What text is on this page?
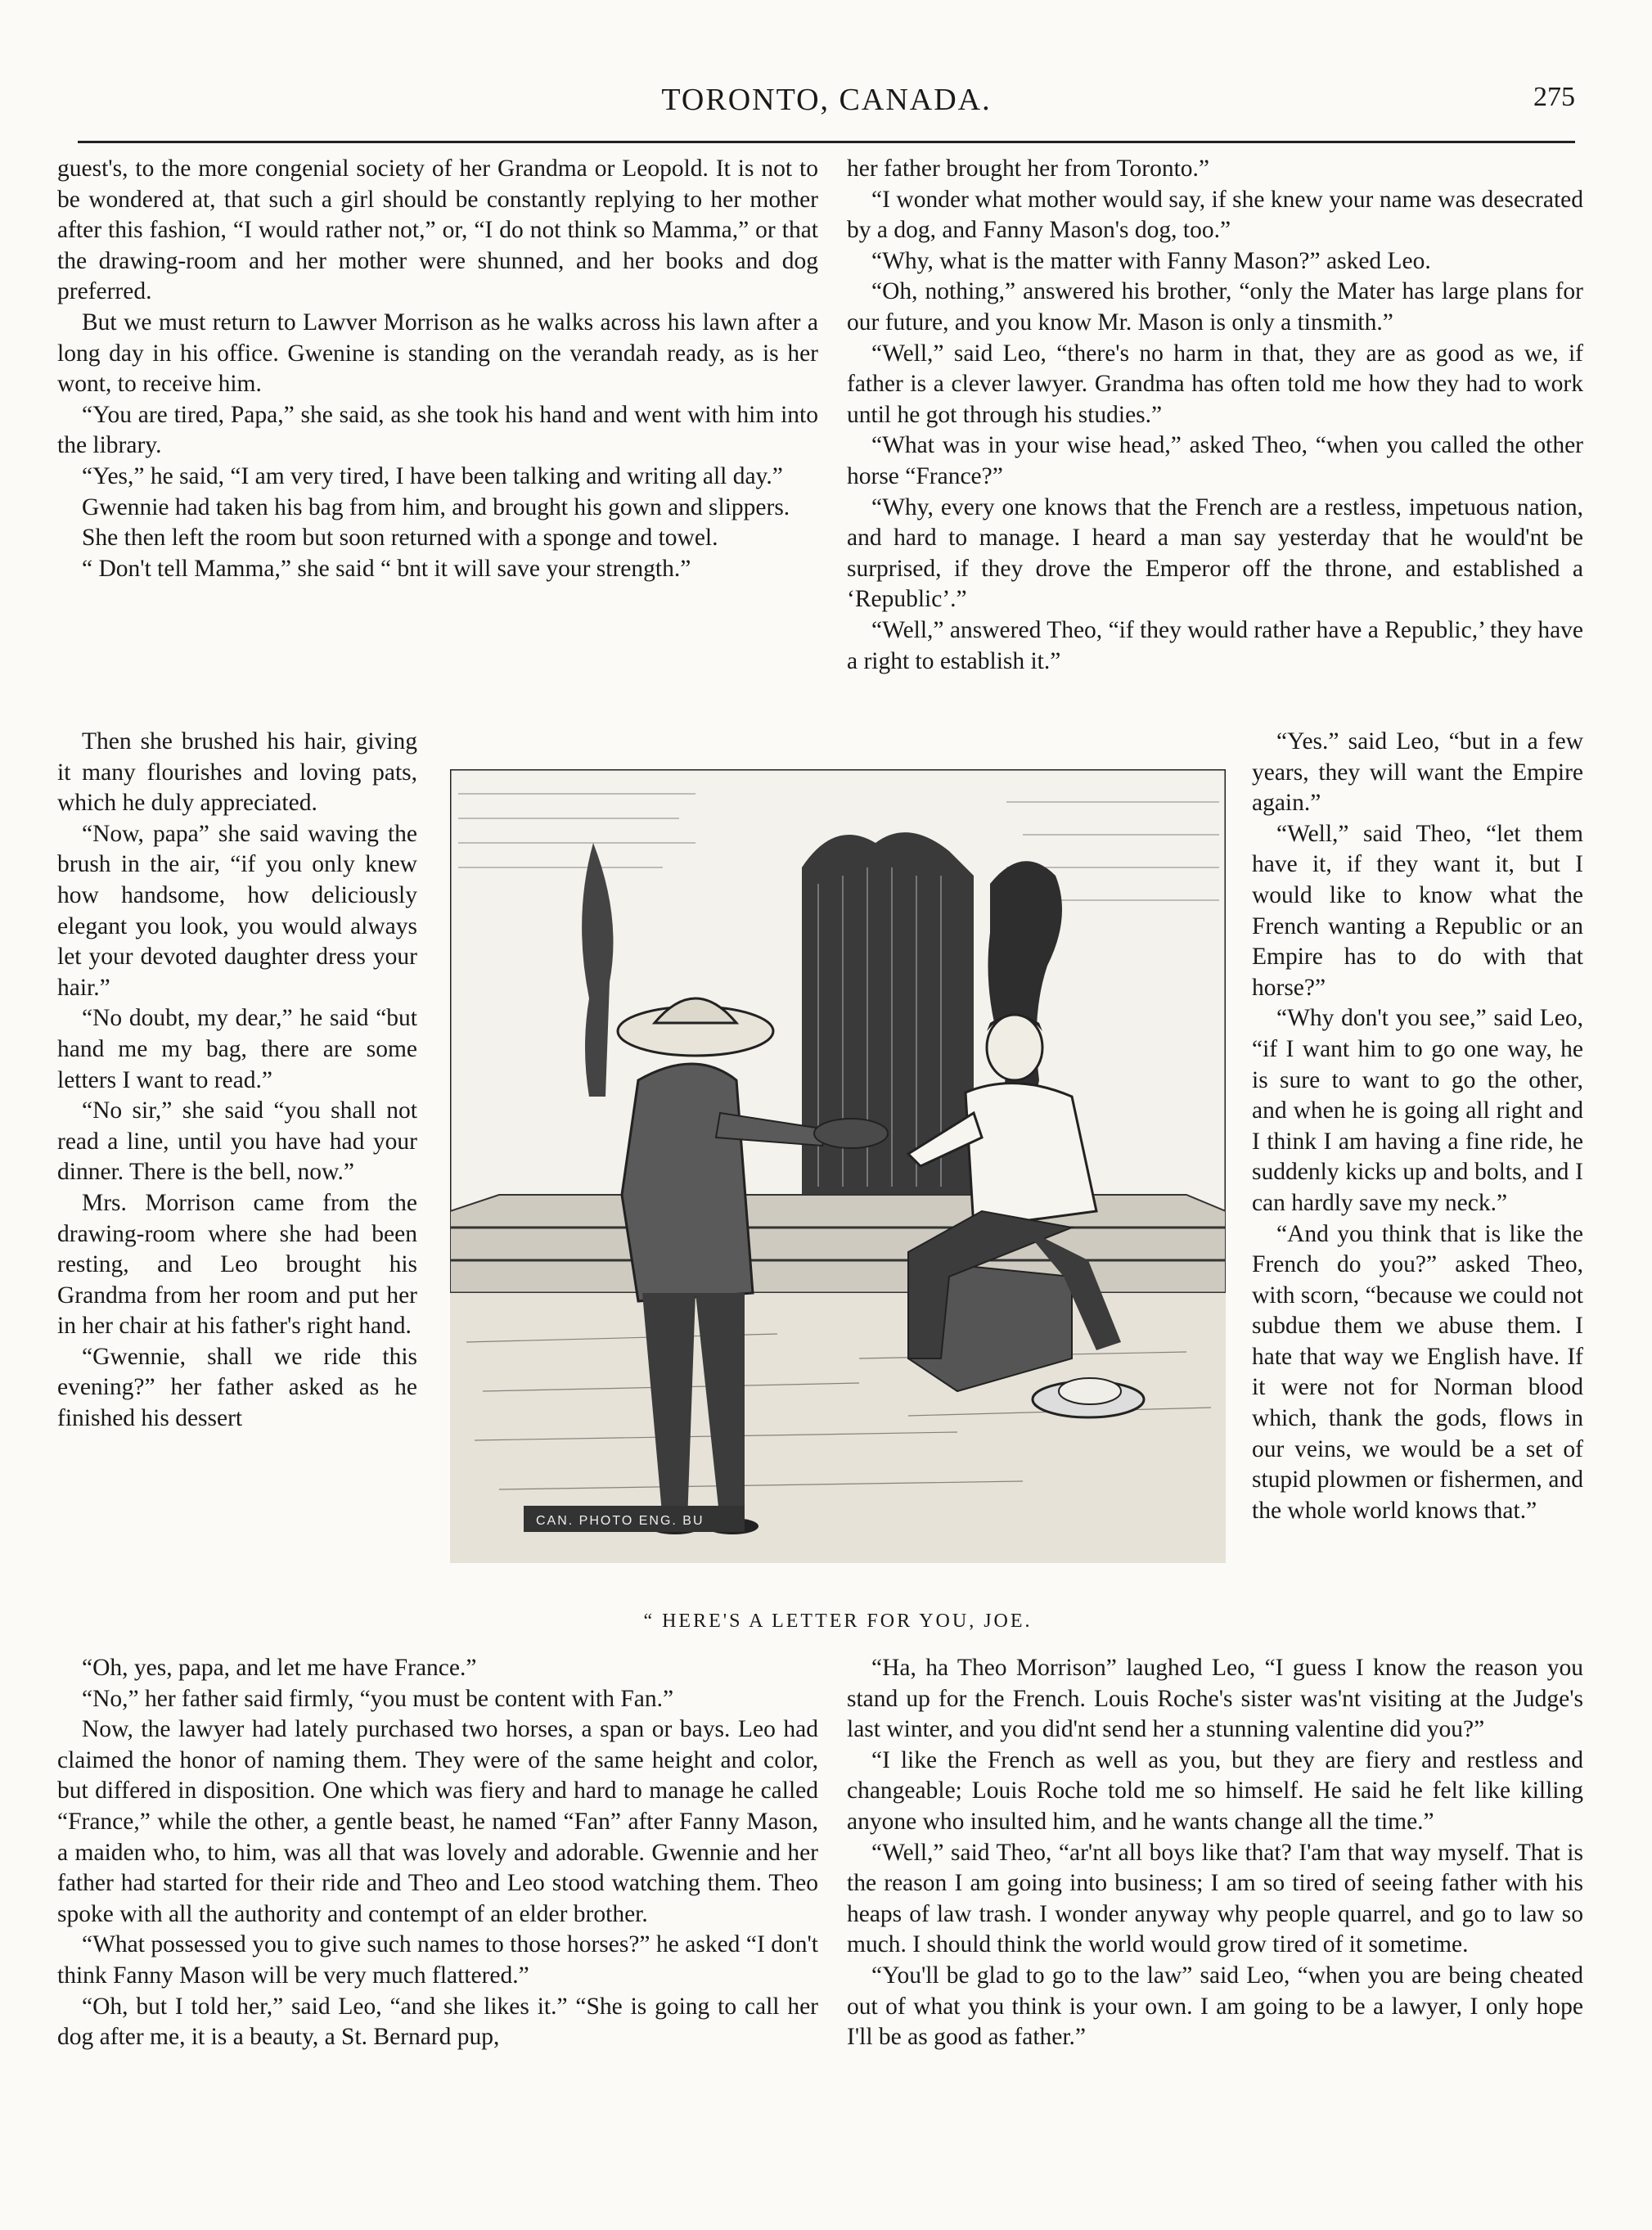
TORONTO, CANADA.	275

guest's, to the more congenial society of her Grandma or Leopold. It is not to be wondered at, that such a girl should be constantly replying to her mother after this fashion, “I would rather not,” or, “I do not think so Mamma,” or that the drawing-room and her mother were shunned, and her books and dog preferred.

But we must return to Lawver Morrison as he walks across his lawn after a long day in his office. Gwenine is standing on the verandah ready, as is her wont, to receive him.

“You are tired, Papa,” she said, as she took his hand and went with him into the library.

“Yes,” he said, “I am very tired, I have been talking and writing all day.”

Gwennie had taken his bag from him, and brought his gown and slippers.

She then left the room but soon returned with a sponge and towel.

“ Don't tell Mamma,” she said “ bnt it will save your strength.”

Then she brushed his hair, giving it many flourishes and loving pats, which he duly appreciated.

“Now, papa” she said waving the brush in the air, “if you only knew how handsome, how deliciously elegant you look, you would always let your devoted daughter dress your hair.”

“No doubt, my dear,” he said “but hand me my bag, there are some letters I want to read.”

“No sir,” she said “you shall not read a line, until you have had your dinner. There is the bell, now.”

Mrs. Morrison came from the drawing-room where she had been resting, and Leo brought his Grandma from her room and put her in her chair at his father's right hand.

“Gwennie, shall we ride this evening?” her father asked as he finished his dessert

“Oh, yes, papa, and let me have France.”

“No,” her father said firmly, “you must be content with Fan.”

Now, the lawyer had lately purchased two horses, a span or bays. Leo had claimed the honor of naming them. They were of the same height and color, but differed in disposition. One which was fiery and hard to manage he called “France,” while the other, a gentle beast, he named “Fan” after Fanny Mason, a maiden who, to him, was all that was lovely and adorable. Gwennie and her father had started for their ride and Theo and Leo stood watching them. Theo spoke with all the authority and contempt of an elder brother.

“What possessed you to give such names to those horses?” he asked “I don't think Fanny Mason will be very much flattered.”

“Oh, but I told her,” said Leo, “and she likes it.” “She is going to call her dog after me, it is a beauty, a St. Bernard pup,

her father brought her from Toronto.”

“I wonder what mother would say, if she knew your name was desecrated by a dog, and Fanny Mason's dog, too.”

“Why, what is the matter with Fanny Mason?” asked Leo.

“Oh, nothing,” answered his brother, “only the Mater has large plans for our future, and you know Mr. Mason is only a tinsmith.”

“Well,” said Leo, “there's no harm in that, they are as good as we, if father is a clever lawyer. Grandma has often told me how they had to work until he got through his studies.”

“What was in your wise head,” asked Theo, “when you called the other horse “France?”

“Why, every one knows that the French are a restless, impetuous nation, and hard to manage. I heard a man say yesterday that he would'nt be surprised, if they drove the Emperor off the throne, and established a ‘Republic’.”

“Well,” answered Theo, “if they would rather have a Republic,’ they have a right to establish it.”

“Yes.” said Leo, “but in a few years, they will want the Empire again.”

“Well,” said Theo, “let them have it, if they want it, but I would like to know what the French wanting a Republic or an Empire has to do with that horse?”

“Why don't you see,” said Leo, “if I want him to go one way, he is sure to want to go the other, and when he is going all right and I think I am having a fine ride, he suddenly kicks up and bolts, and I can hardly save my neck.”

“And you think that is like the French do you?” asked Theo, with scorn, “because we could not subdue them we abuse them. I hate that way we English have. If it were not for Norman blood which, thank the gods, flows in our veins, we would be a set of stupid plowmen or fishermen, and the whole world knows that.”

“Ha, ha Theo Morrison” laughed Leo, “I guess I know the reason you stand up for the French. Louis Roche's sister was'nt visiting at the Judge's last winter, and you did'nt send her a stunning valentine did you?”

“I like the French as well as you, but they are fiery and restless and changeable; Louis Roche told me so himself. He said he felt like killing anyone who insulted him, and he wants change all the time.”

“Well,” said Theo, “ar'nt all boys like that? I'am that way myself. That is the reason I am going into business; I am so tired of seeing father with his heaps of law trash. I wonder anyway why people quarrel, and go to law so much. I should think the world would grow tired of it sometime.

“You'll be glad to go to the law” said Leo, “when you are being cheated out of what you think is your own. I am going to be a lawyer, I only hope I'll be as good as father.”

CAN. PHOTO ENG. BU
“ HERE'S A LETTER FOR YOU, JOE.
